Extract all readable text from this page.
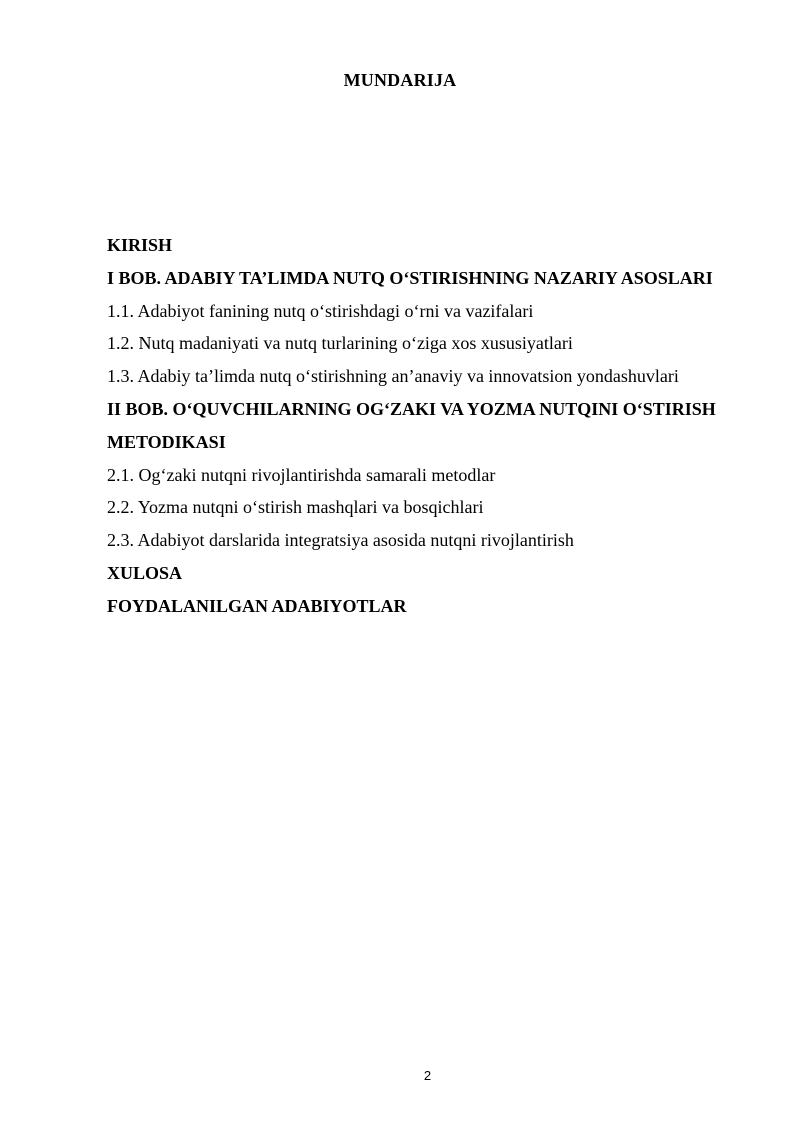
MUNDARIJA
KIRISH
I BOB. ADABIY TA’LIMDA NUTQ O‘STIRISHNING NAZARIY ASOSLARI
1.1. Adabiyot fanining nutq o‘stirishdagi o‘rni va vazifalari
1.2. Nutq madaniyati va nutq turlarining o‘ziga xos xususiyatlari
1.3. Adabiy ta’limda nutq o‘stirishning an’anaviy va innovatsion yondashuvlari
II BOB. O‘QUVCHILARNING OG‘ZAKI VA YOZMA NUTQINI O‘STIRISH
METODIKASI
2.1. Og‘zaki nutqni rivojlantirishda samarali metodlar
2.2. Yozma nutqni o‘stirish mashqlari va bosqichlari
2.3. Adabiyot darslarida integratsiya asosida nutqni rivojlantirish
XULOSA
FOYDALANILGAN ADABIYOTLAR
2
